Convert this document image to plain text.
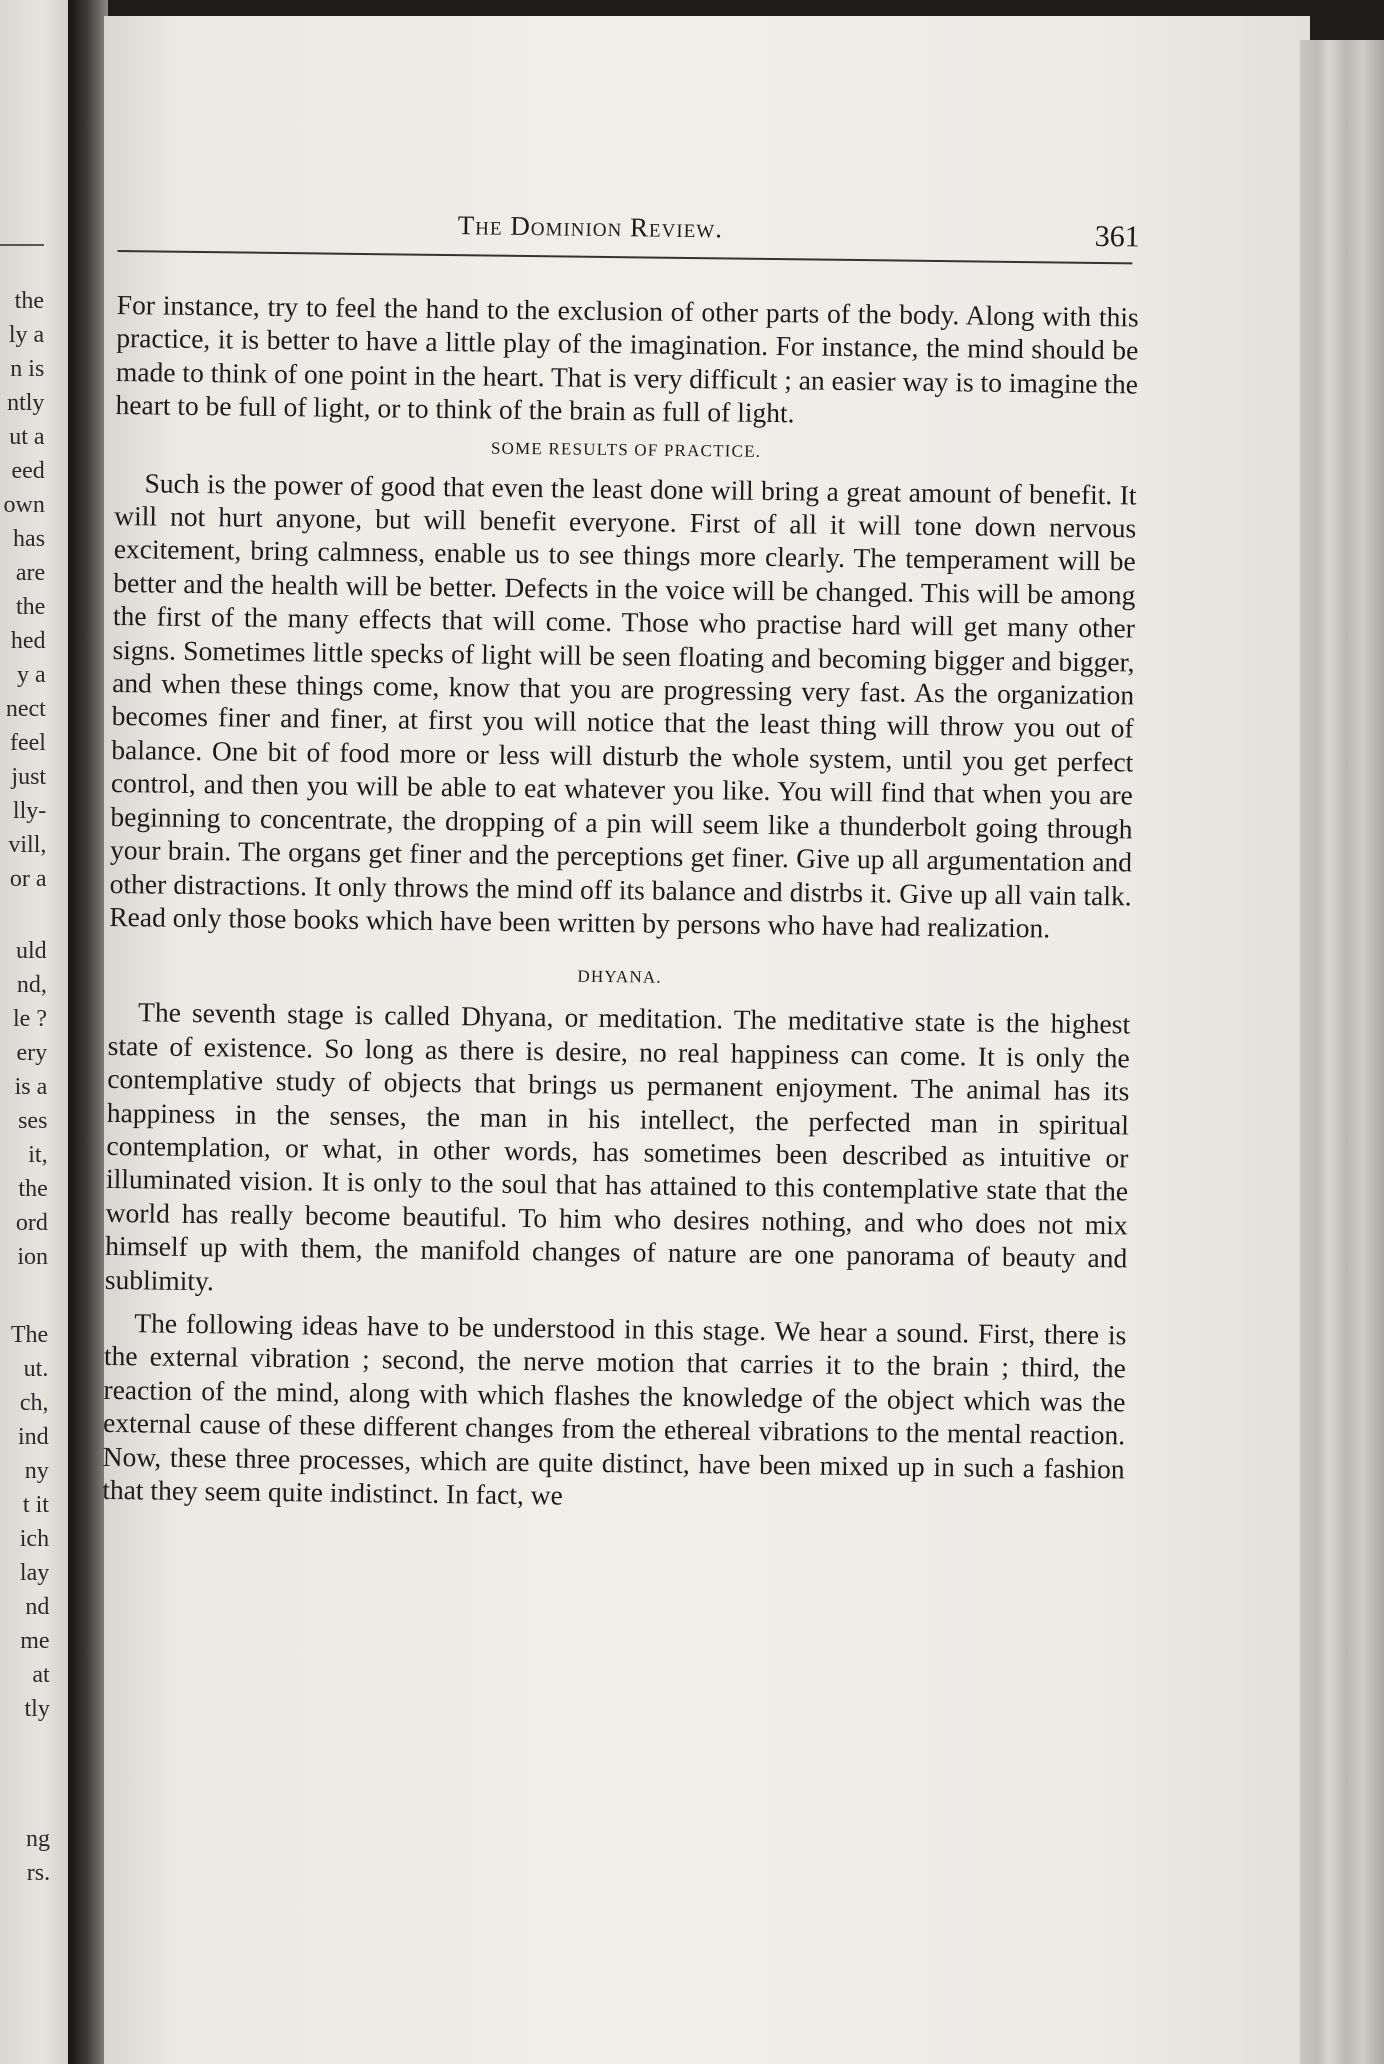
the
ly a
n is
ntly
ut a
eed
own
has
are
the
hed
y a
nect
feel
just
lly-
vill,
or a
uld
nd,
le ?
ery
is a
ses
it,
the
ord
ion
The
ut.
ch,
ind
ny
t it
ich
lay
nd
me
at
tly
ng
rs.
The Dominion Review.	361

For instance, try to feel the hand to the exclusion of other parts of the body. Along with this practice, it is better to have a little play of the imagination. For instance, the mind should be made to think of one point in the heart. That is very difficult ; an easier way is to imagine the heart to be full of light, or to think of the brain as full of light.

SOME RESULTS OF PRACTICE.

Such is the power of good that even the least done will bring a great amount of benefit. It will not hurt anyone, but will benefit everyone. First of all it will tone down nervous excitement, bring calmness, enable us to see things more clearly. The temperament will be better and the health will be better. Defects in the voice will be changed. This will be among the first of the many effects that will come. Those who practise hard will get many other signs. Sometimes little specks of light will be seen floating and becoming bigger and bigger, and when these things come, know that you are progressing very fast. As the organization becomes finer and finer, at first you will notice that the least thing will throw you out of balance. One bit of food more or less will disturb the whole system, until you get perfect control, and then you will be able to eat whatever you like. You will find that when you are beginning to concentrate, the dropping of a pin will seem like a thunderbolt going through your brain. The organs get finer and the perceptions get finer. Give up all argumentation and other distractions. It only throws the mind off its balance and distrbs it. Give up all vain talk. Read only those books which have been written by persons who have had realization.

DHYANA.

The seventh stage is called Dhyana, or meditation. The meditative state is the highest state of existence. So long as there is desire, no real happiness can come. It is only the contemplative study of objects that brings us permanent enjoyment. The animal has its happiness in the senses, the man in his intellect, the perfected man in spiritual contemplation, or what, in other words, has sometimes been described as intuitive or illuminated vision. It is only to the soul that has attained to this contemplative state that the world has really become beautiful. To him who desires nothing, and who does not mix himself up with them, the manifold changes of nature are one panorama of beauty and sublimity.

The following ideas have to be understood in this stage. We hear a sound. First, there is the external vibration ; second, the nerve motion that carries it to the brain ; third, the reaction of the mind, along with which flashes the knowledge of the object which was the external cause of these different changes from the ethereal vibrations to the mental reaction. Now, these three processes, which are quite distinct, have been mixed up in such a fashion that they seem quite indistinct. In fact, we
